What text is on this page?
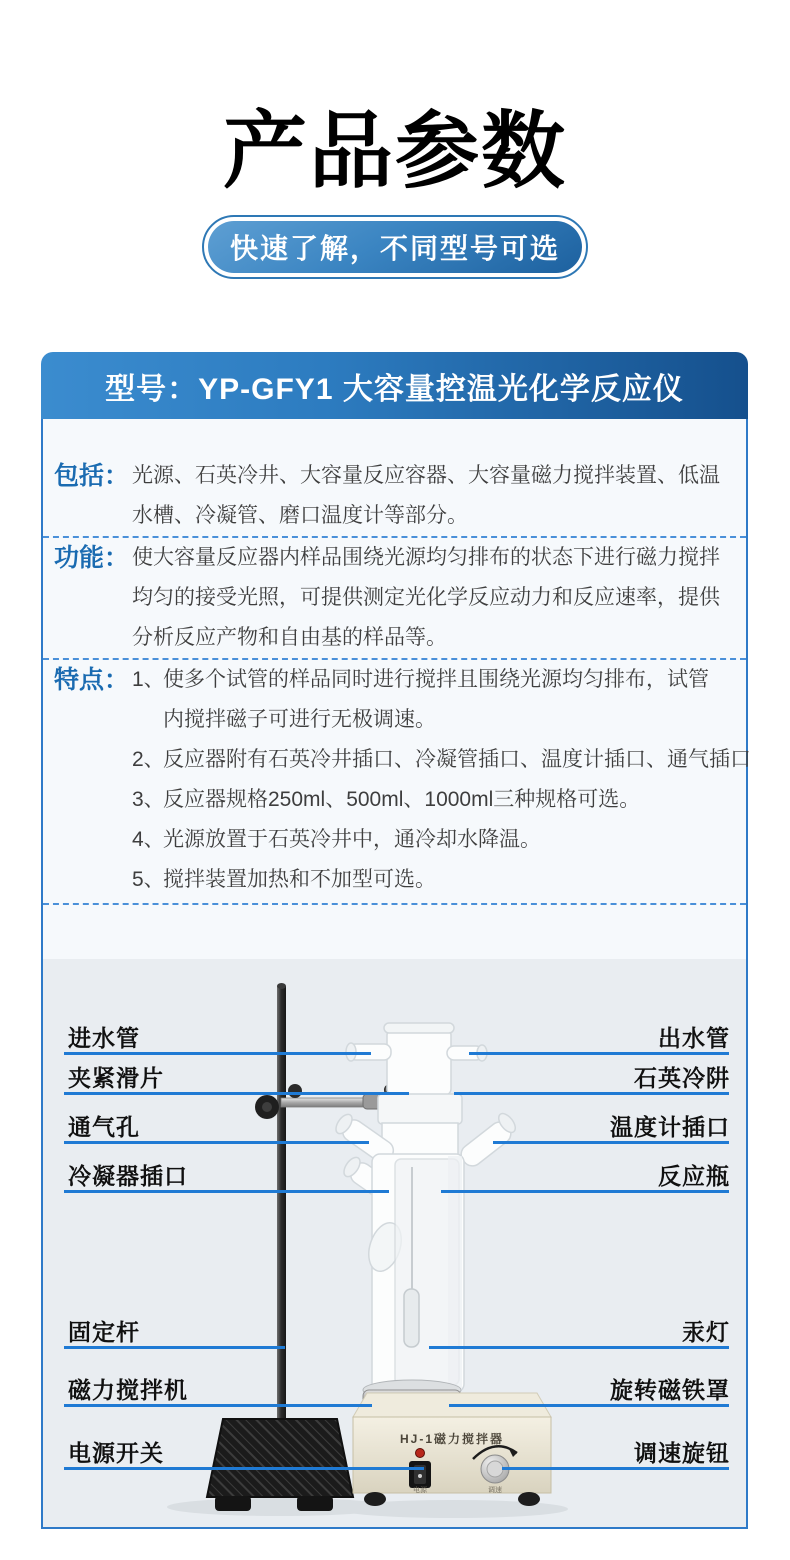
产品参数
快速了解，不同型号可选
型号：YP-GFY1 大容量控温光化学反应仪
包括： 光源、石英冷井、大容量反应容器、大容量磁力搅拌装置、低温
水槽、冷凝管、磨口温度计等部分。
功能： 使大容量反应器内样品围绕光源均匀排布的状态下进行磁力搅拌
均匀的接受光照，可提供测定光化学反应动力和反应速率，提供
分析反应产物和自由基的样品等。
特点： 1、
使多个试管的样品同时进行搅拌且围绕光源均匀排布，试管
内搅拌磁子可进行无极调速。
2、
反应器附有石英冷井插口、冷凝管插口、温度计插口、通气插口
3、
反应器规格250ml、500ml、1000ml三种规格可选。
4、
光源放置于石英冷井中，通冷却水降温。
5、
搅拌装置加热和不加型可选。
HJ-1磁力搅拌器
电源	调速
进水管
夹紧滑片
通气孔
冷凝器插口
固定杆
磁力搅拌机
电源开关
出水管
石英冷阱
温度计插口
反应瓶
汞灯
旋转磁铁罩
调速旋钮
